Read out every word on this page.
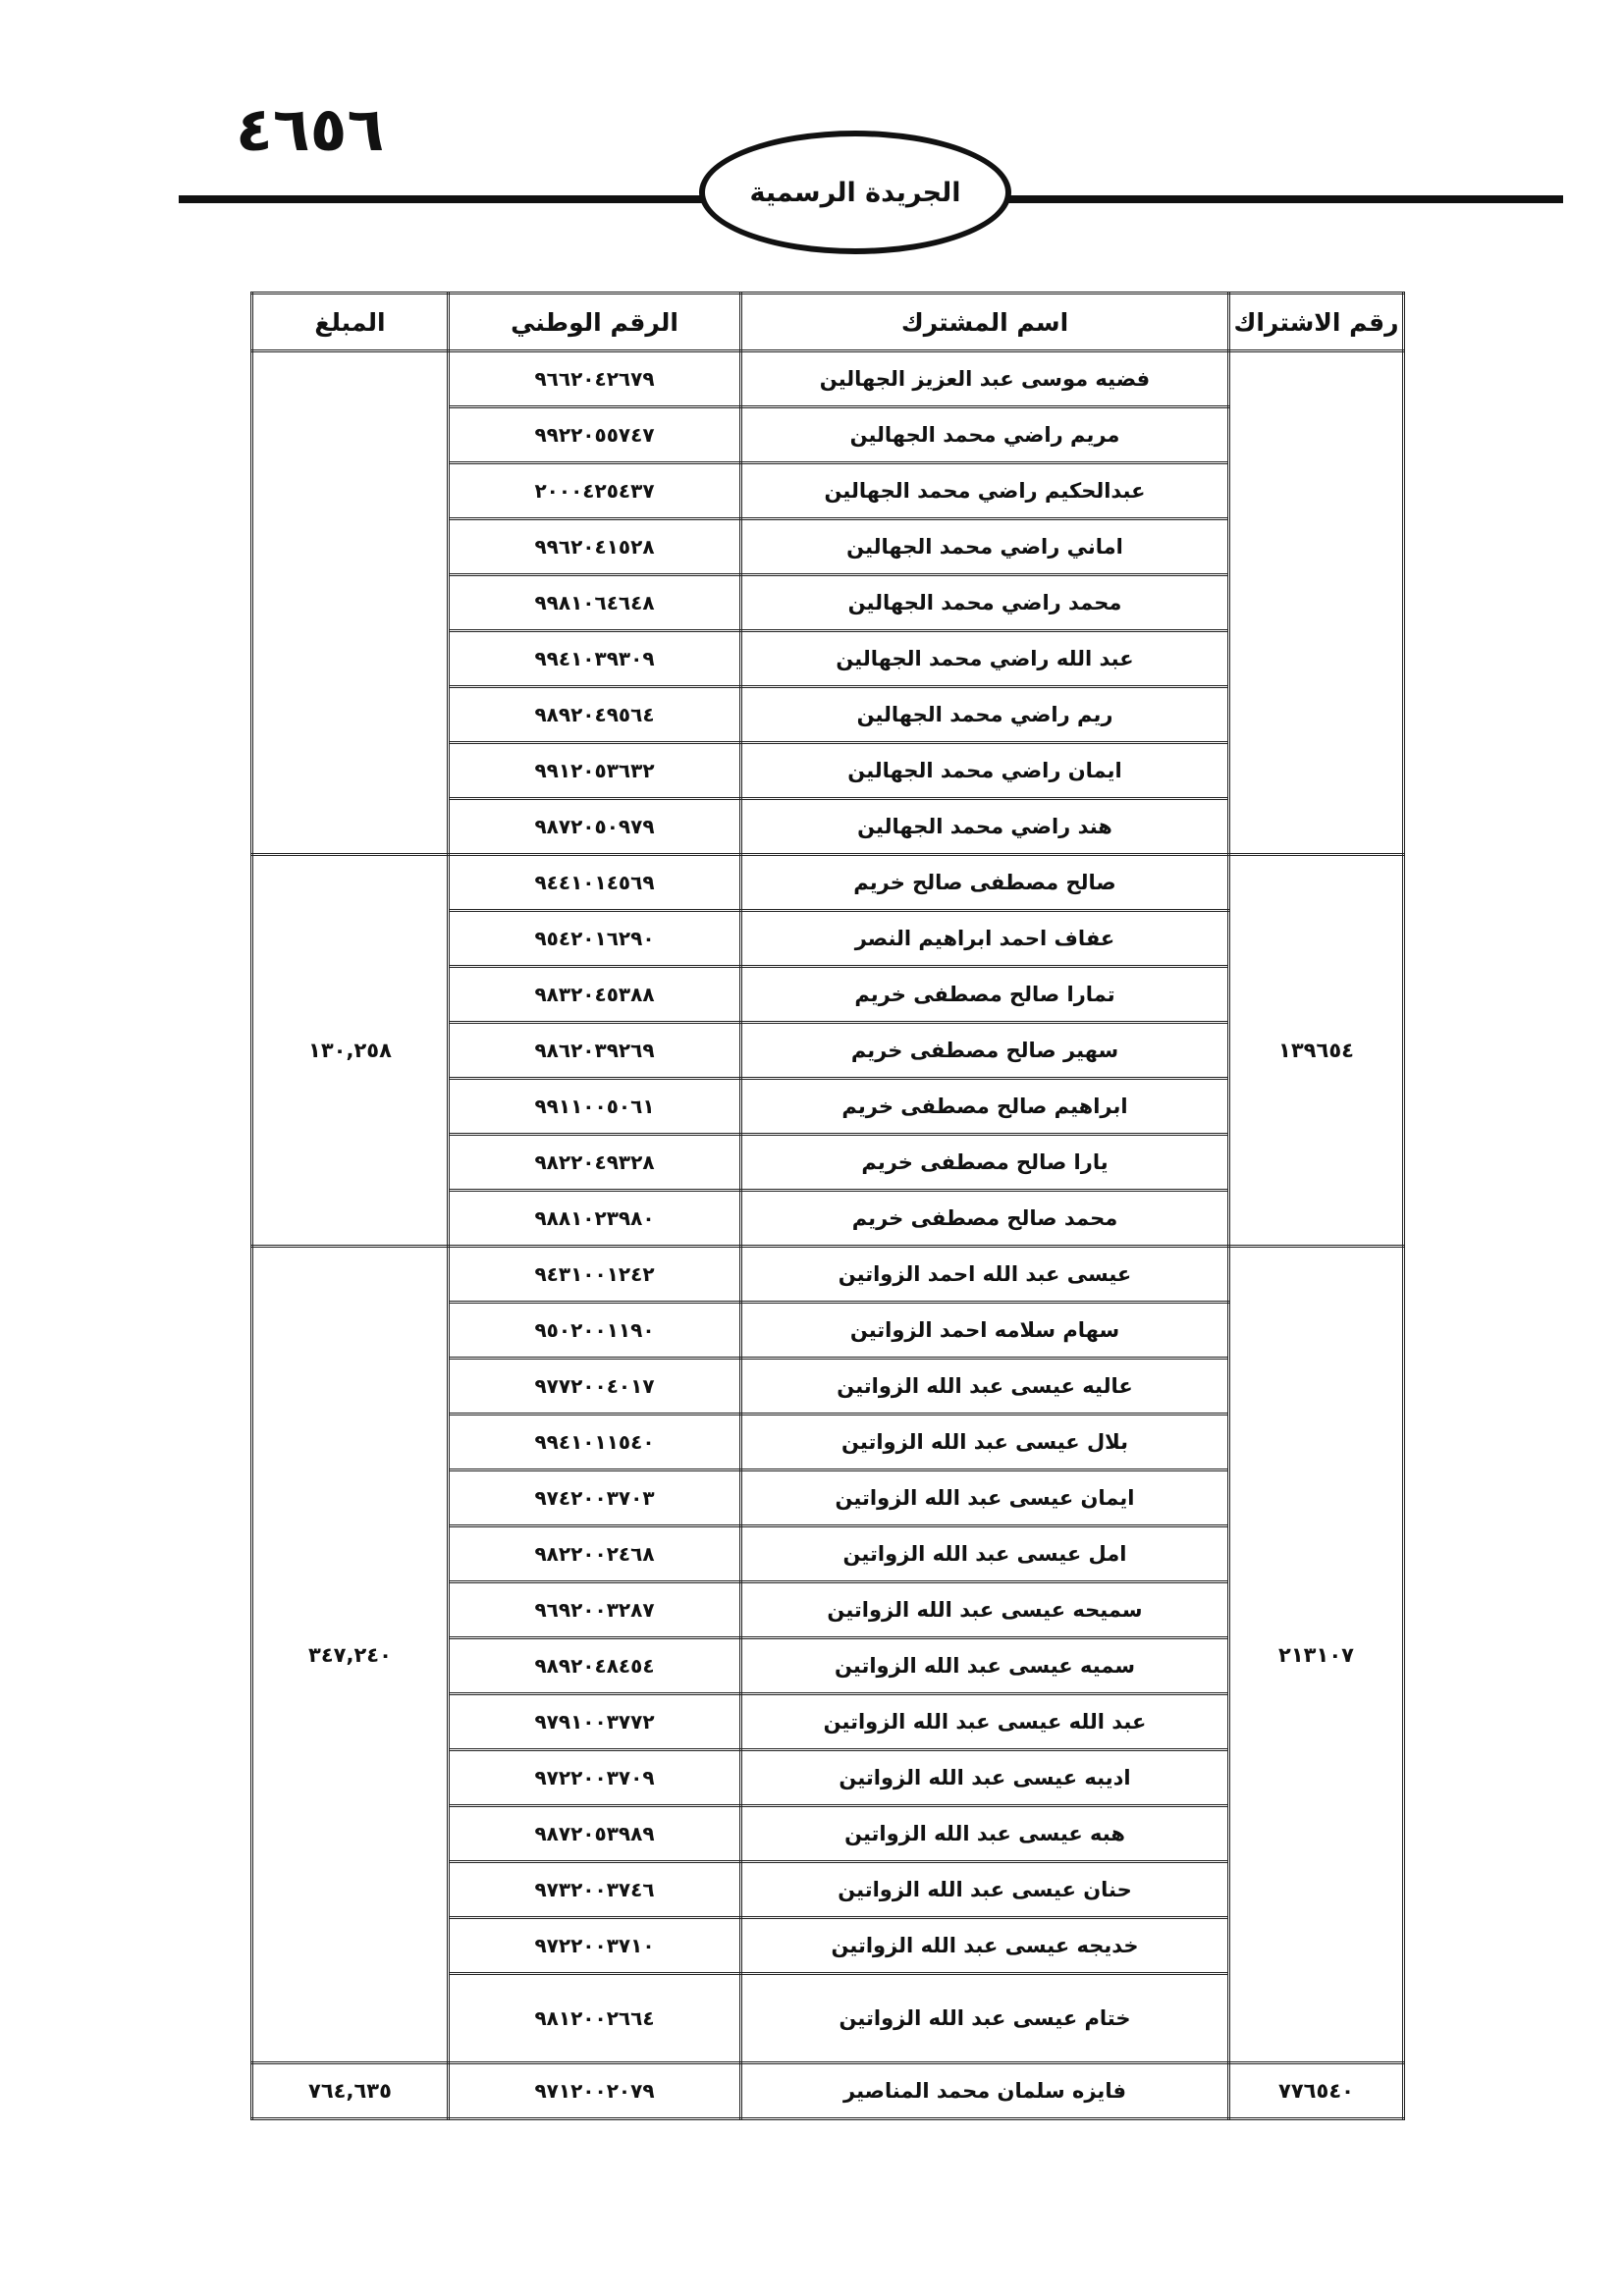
٤٦٥٦
الجريدة الرسمية
المبلغ	الرقم الوطني	اسم المشترك	رقم الاشتراك
	٩٦٦٢٠٤٢٦٧٩	فضيه موسى عبد العزيز الجهالين	
	٩٩٢٢٠٥٥٧٤٧	مريم راضي محمد الجهالين	
	٢٠٠٠٤٢٥٤٣٧	عبدالحكيم راضي محمد الجهالين	
	٩٩٦٢٠٤١٥٢٨	اماني راضي محمد الجهالين	
	٩٩٨١٠٦٤٦٤٨	محمد راضي محمد الجهالين	
	٩٩٤١٠٣٩٣٠٩	عبد الله راضي محمد الجهالين	
	٩٨٩٢٠٤٩٥٦٤	ريم راضي محمد الجهالين	
	٩٩١٢٠٥٣٦٣٢	ايمان راضي محمد الجهالين	
	٩٨٧٢٠٥٠٩٧٩	هند راضي محمد الجهالين	
١٣٠,٢٥٨	٩٤٤١٠١٤٥٦٩	صالح مصطفى صالح خريم	١٣٩٦٥٤
	٩٥٤٢٠١٦٢٩٠	عفاف احمد ابراهيم النصر	
	٩٨٣٢٠٤٥٣٨٨	تمارا صالح مصطفى خريم	
	٩٨٦٢٠٣٩٢٦٩	سهير صالح مصطفى خريم	
	٩٩١١٠٠٥٠٦١	ابراهيم صالح مصطفى خريم	
	٩٨٢٢٠٤٩٣٢٨	يارا صالح مصطفى خريم	
	٩٨٨١٠٢٣٩٨٠	محمد صالح مصطفى خريم	
٣٤٧,٢٤٠	٩٤٣١٠٠١٢٤٢	عيسى عبد الله احمد الزواتين	٢١٣١٠٧
	٩٥٠٢٠٠١١٩٠	سهام سلامه احمد الزواتين	
	٩٧٧٢٠٠٤٠١٧	عاليه عيسى عبد الله الزواتين	
	٩٩٤١٠١١٥٤٠	بلال عيسى عبد الله الزواتين	
	٩٧٤٢٠٠٣٧٠٣	ايمان عيسى عبد الله الزواتين	
	٩٨٢٢٠٠٢٤٦٨	امل عيسى عبد الله الزواتين	
	٩٦٩٢٠٠٣٢٨٧	سميحه عيسى عبد الله الزواتين	
	٩٨٩٢٠٤٨٤٥٤	سميه عيسى عبد الله الزواتين	
	٩٧٩١٠٠٣٧٧٢	عبد الله عيسى عبد الله الزواتين	
	٩٧٢٢٠٠٣٧٠٩	اديبه عيسى عبد الله الزواتين	
	٩٨٧٢٠٥٣٩٨٩	هبه عيسى عبد الله الزواتين	
	٩٧٣٢٠٠٣٧٤٦	حنان عيسى عبد الله الزواتين	
	٩٧٢٢٠٠٣٧١٠	خديجه عيسى عبد الله الزواتين	
	٩٨١٢٠٠٢٦٦٤	ختام عيسى عبد الله الزواتين	
٧٦٤,٦٣٥	٩٧١٢٠٠٢٠٧٩	فايزه سلمان محمد المناصير	٧٧٦٥٤٠
